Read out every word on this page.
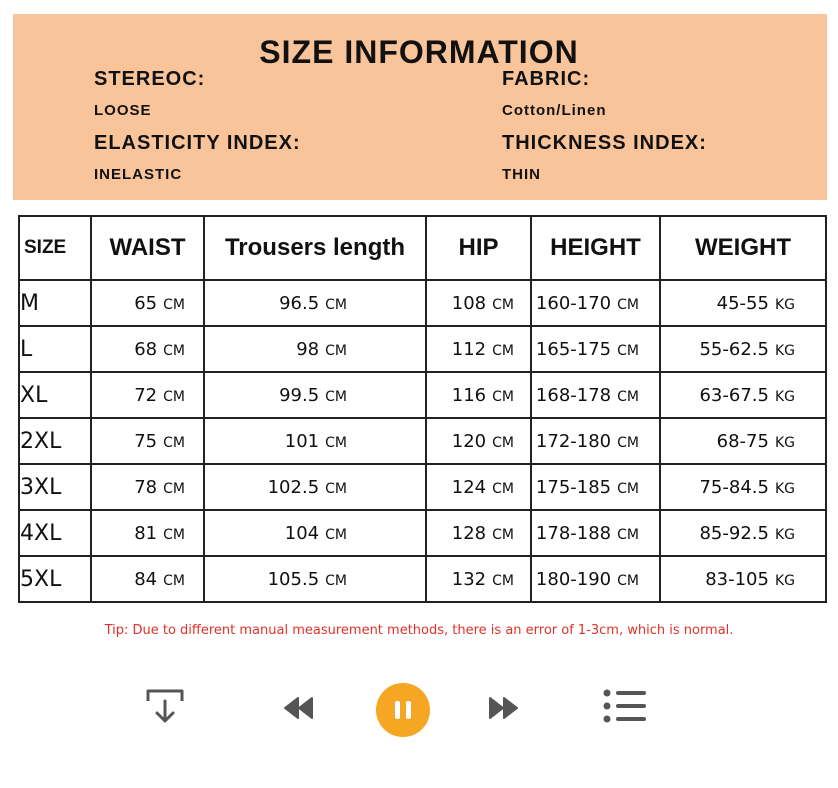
SIZE INFORMATION
STEREOC:
LOOSE
FABRIC:
Cotton/Linen
ELASTICITY INDEX:
INELASTIC
THICKNESS INDEX:
THIN
SIZE	WAIST	Trousers length	HIP	HEIGHT	WEIGHT
M	65 CM	96.5 CM	108 CM	160-170 CM	45-55 KG
L	68 CM	98 CM	112 CM	165-175 CM	55-62.5 KG
XL	72 CM	99.5 CM	116 CM	168-178 CM	63-67.5 KG
2XL	75 CM	101 CM	120 CM	172-180 CM	68-75 KG
3XL	78 CM	102.5 CM	124 CM	175-185 CM	75-84.5 KG
4XL	81 CM	104 CM	128 CM	178-188 CM	85-92.5 KG
5XL	84 CM	105.5 CM	132 CM	180-190 CM	83-105 KG
Tip: Due to different manual measurement methods, there is an error of 1-3cm, which is normal.
